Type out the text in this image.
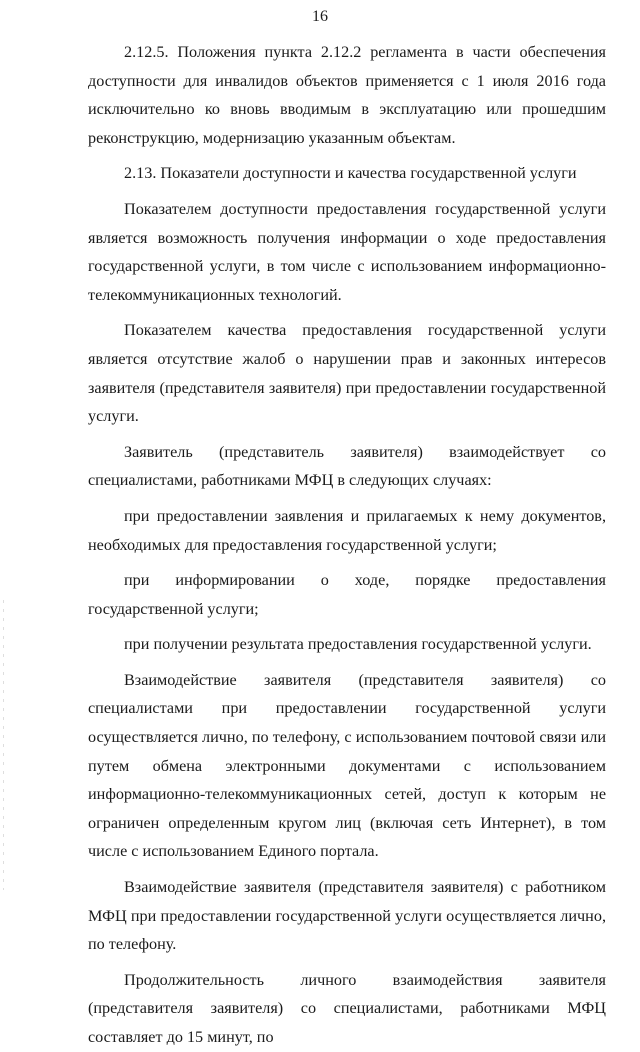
16

2.12.5. Положения пункта 2.12.2 регламента в части обеспечения доступности для инвалидов объектов применяется с 1 июля 2016 года исключительно ко вновь вводимым в эксплуатацию или прошедшим реконструкцию, модернизацию указанным объектам.

2.13. Показатели доступности и качества государственной услуги

Показателем доступности предоставления государственной услуги является возможность получения информации о ходе предоставления государственной услуги, в том числе с использованием информационно-телекоммуникационных технологий.

Показателем качества предоставления государственной услуги является отсутствие жалоб о нарушении прав и законных интересов заявителя (представителя заявителя) при предоставлении государственной услуги.

Заявитель (представитель заявителя) взаимодействует со специалистами, работниками МФЦ в следующих случаях:

при предоставлении заявления и прилагаемых к нему документов, необходимых для предоставления государственной услуги;

при информировании о ходе, порядке предоставления государственной услуги;

при получении результата предоставления государственной услуги.

Взаимодействие заявителя (представителя заявителя) со специалистами при предоставлении государственной услуги осуществляется лично, по телефону, с использованием почтовой связи или путем обмена электронными документами с использованием информационно-телекоммуникационных сетей, доступ к которым не ограничен определенным кругом лиц (включая сеть Интернет), в том числе с использованием Единого портала.

Взаимодействие заявителя (представителя заявителя) с работником МФЦ при предоставлении государственной услуги осуществляется лично, по телефону.

Продолжительность личного взаимодействия заявителя (представителя заявителя) со специалистами, работниками МФЦ составляет до 15 минут, по
